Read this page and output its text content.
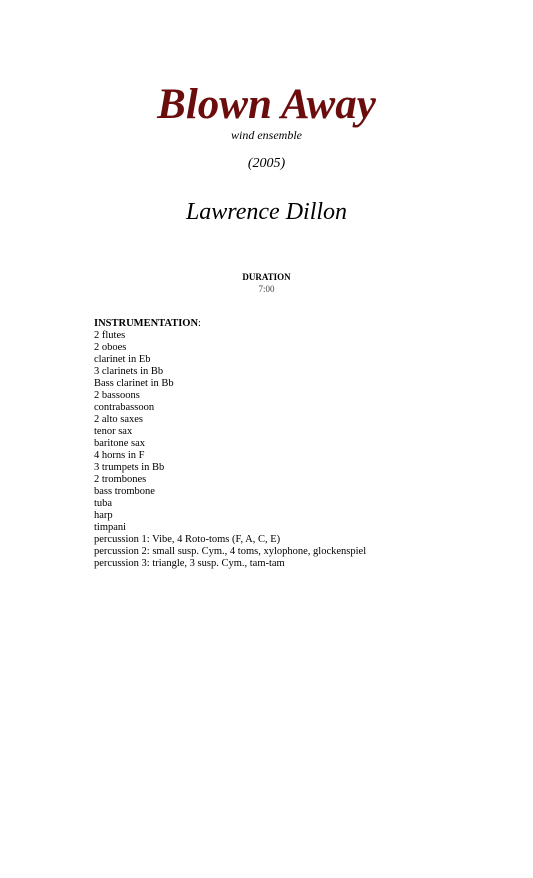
Blown Away
wind ensemble
(2005)
Lawrence Dillon
DURATION
7:00
INSTRUMENTATION:
2 flutes
2 oboes
clarinet in Eb
3 clarinets in Bb
Bass clarinet in Bb
2 bassoons
contrabassoon
2 alto saxes
tenor sax
baritone sax
4 horns in F
3 trumpets in Bb
2 trombones
bass trombone
tuba
harp
timpani
percussion 1: Vibe, 4 Roto-toms (F, A, C, E)
percussion 2: small susp. Cym., 4 toms, xylophone, glockenspiel
percussion 3: triangle, 3 susp. Cym., tam-tam
